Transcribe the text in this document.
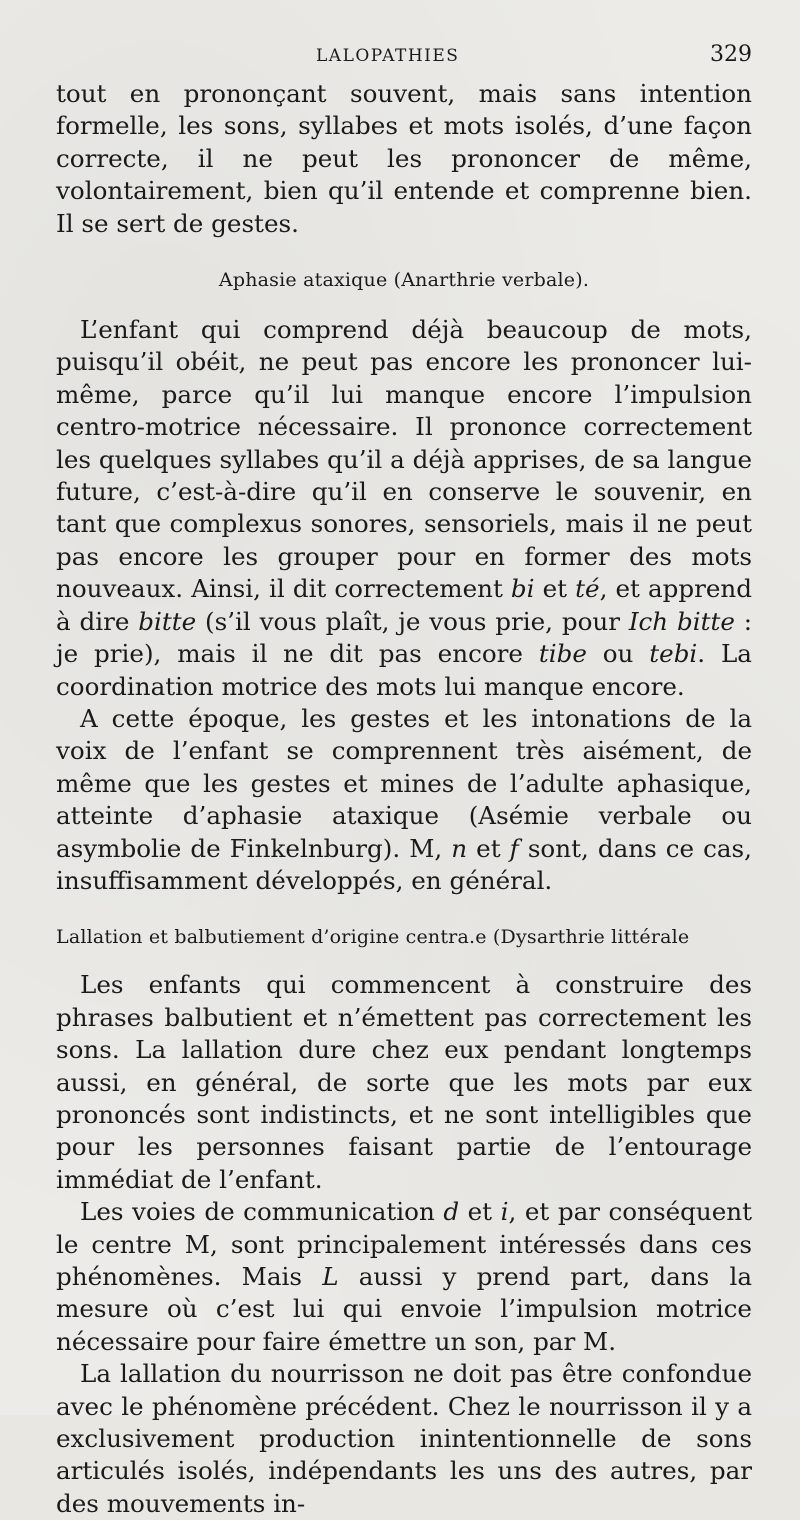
LALOPATHIES	329

tout en prononçant souvent, mais sans intention formelle, les sons, syllabes et mots isolés, d’une façon correcte, il ne peut les prononcer de même, volontairement, bien qu’il entende et comprenne bien. Il se sert de gestes.

Aphasie ataxique (Anarthrie verbale).

L’enfant qui comprend déjà beaucoup de mots, puisqu’il obéit, ne peut pas encore les prononcer lui-même, parce qu’il lui manque encore l’impulsion centro-motrice nécessaire. Il prononce correctement les quelques syllabes qu’il a déjà apprises, de sa langue future, c’est-à-dire qu’il en conserve le souvenir, en tant que complexus sonores, sensoriels, mais il ne peut pas encore les grouper pour en former des mots nouveaux. Ainsi, il dit correctement bi et té, et apprend à dire bitte (s’il vous plaît, je vous prie, pour Ich bitte : je prie), mais il ne dit pas encore tibe ou tebi. La coordination motrice des mots lui manque encore.

A cette époque, les gestes et les intonations de la voix de l’enfant se comprennent très aisément, de même que les gestes et mines de l’adulte aphasique, atteinte d’aphasie ataxique (Asémie verbale ou asymbolie de Finkelnburg). M, n et f sont, dans ce cas, insuffisamment développés, en général.

Lallation et balbutiement d’origine centra.e (Dysarthrie littérale

Les enfants qui commencent à construire des phrases balbutient et n’émettent pas correctement les sons. La lallation dure chez eux pendant longtemps aussi, en général, de sorte que les mots par eux prononcés sont indistincts, et ne sont intelligibles que pour les personnes faisant partie de l’entourage immédiat de l’enfant.

Les voies de communication d et i, et par conséquent le centre M, sont principalement intéressés dans ces phénomènes. Mais L aussi y prend part, dans la mesure où c’est lui qui envoie l’impulsion motrice nécessaire pour faire émettre un son, par M.

La lallation du nourrisson ne doit pas être confondue avec le phénomène précédent. Chez le nourrisson il y a exclusivement production inintentionnelle de sons articulés isolés, indépendants les uns des autres, par des mouvements in-
